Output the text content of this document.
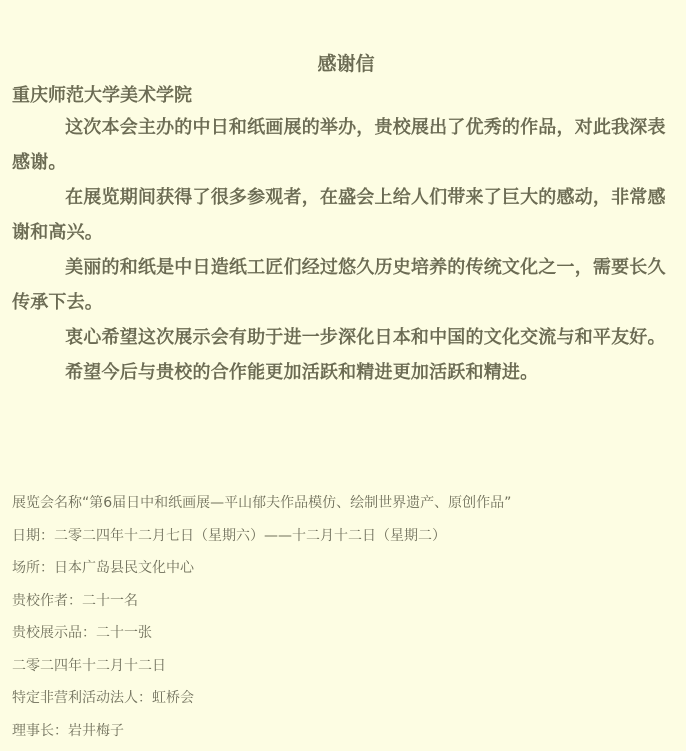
感谢信
重庆师范大学美术学院

这次本会主办的中日和纸画展的举办，贵校展出了优秀的作品，对此我深表感谢。

在展览期间获得了很多参观者，在盛会上给人们带来了巨大的感动，非常感谢和高兴。

美丽的和纸是中日造纸工匠们经过悠久历史培养的传统文化之一，需要长久传承下去。

衷心希望这次展示会有助于进一步深化日本和中国的文化交流与和平友好。

希望今后与贵校的合作能更加活跃和精进更加活跃和精进。

展览会名称“第6届日中和纸画展—平山郁夫作品模仿、绘制世界遗产、原创作品”
日期：二零二四年十二月七日（星期六）——十二月十二日（星期二）
场所：日本广岛县民文化中心
贵校作者：二十一名
贵校展示品：二十一张
二零二四年十二月十二日
特定非营利活动法人：虹桥会
理事长：岩井梅子
